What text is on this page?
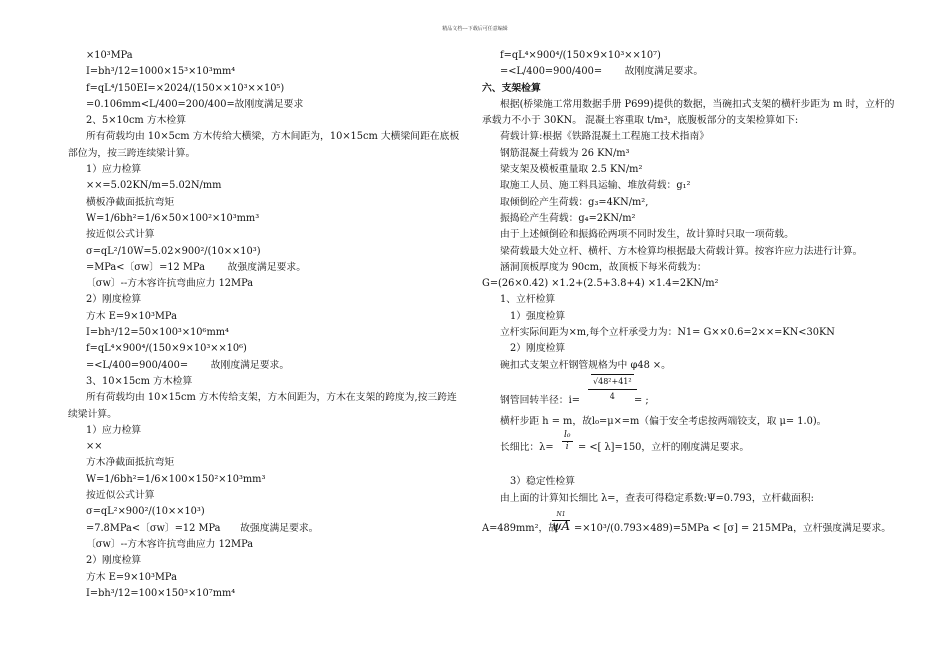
精品文档---下载后可任意编辑
×10³MPa
I=bh³/12=1000×15³×10³mm⁴
f=qL⁴/150EI=×2024/(150××10³××10⁵)
=0.106mm<L/400=200/400=故刚度满足要求
2、5×10cm 方木检算
所有荷载均由 10×5cm 方木传给大横梁，方木间距为，10×15cm 大横梁间距在底板部位为，按三跨连续梁计算。
1）应力检算
××=5.02KN/m=5.02N/mm
横板净截面抵抗弯矩
W=1/6bh²=1/6×50×100²×10³mm³
按近似公式计算
σ=qL²/10W=5.02×900²/(10××10³)
=MPa<〔σw〕=12 MPa 　　故强度满足要求。
〔σw〕--方木容许抗弯曲应力 12MPa
2）刚度检算
方木 E=9×10³MPa
I=bh³/12=50×100³×10⁶mm⁴
f=qL⁴×900⁴/(150×9×10³××10⁶)
=<L/400=900/400= 　　故刚度满足要求。
3、10×15cm 方木检算
所有荷载均由 10×15cm 方木传给支架，方木间距为，方木在支架的跨度为,按三跨连续梁计算。
1）应力检算
××
方木净截面抵抗弯矩
W=1/6bh²=1/6×100×150²×10³mm³
按近似公式计算
σ=qL²×900²/(10××10³)
=7.8MPa<〔σw〕=12 MPa　　故强度满足要求。
〔σw〕--方木容许抗弯曲应力 12MPa
2）刚度检算
方木 E=9×10³MPa
I=bh³/12=100×150³×10⁷mm⁴
f=qL⁴×900⁴/(150×9×10³××10⁷)
=<L/400=900/400= 　　故刚度满足要求。
六、支架检算
根据(桥梁施工常用数据手册 P699)提供的数据，当碗扣式支架的横杆步距为 m 时，立杆的承载力不小于 30KN。 混凝土容重取 t/m³，底腹板部分的支架检算如下:
荷载计算:根据《铁路混凝土工程施工技术指南》
钢筋混凝土荷载为 26 KN/m³
梁支架及模板重量取 2.5 KN/m²
取施工人员、施工料具运输、堆放荷载：g₁²
取倾倒砼产生荷载：g₃=4KN/m²,
振捣砼产生荷载：g₄=2KN/m²
由于上述倾倒砼和振捣砼两项不同时发生，故计算时只取一项荷载。
梁荷载最大处立杆、横杆、方木检算均根据最大荷载计算。按容许应力法进行计算。
涵洞顶板厚度为 90cm，故顶板下每米荷载为：
G=(26×0.42) ×1.2+(2.5+3.8+4) ×1.4=2KN/m²
1、立杆检算
1）强度检算
立杆实际间距为×m,每个立杆承受力为：N1= G××0.6=2××=KN<30KN
2）刚度检算
碗扣式支架立杆钢管规格为中 φ48 ×。
钢管回转半径：$i= \frac{\text{√48²+41²}}{4}$
= ;
横杆步距 h = m，故l₀=μ×=m（偏于安全考虑按两端铰支，取 μ= 1.0)。
长细比：$\lambda= \frac{\text{l₀}}{i}$ = <[ λ]=150，立杆的刚度满足要求。
3）稳定性检算
由上面的计算知长细比 λ=，查表可得稳定系数:Ψ=0.793，立杆截面积:
A=489mm²，故
N1
ψA =×10³/(0.793×489)=5MPa < [σ] = 215MPa，立杆强度满足要求。
